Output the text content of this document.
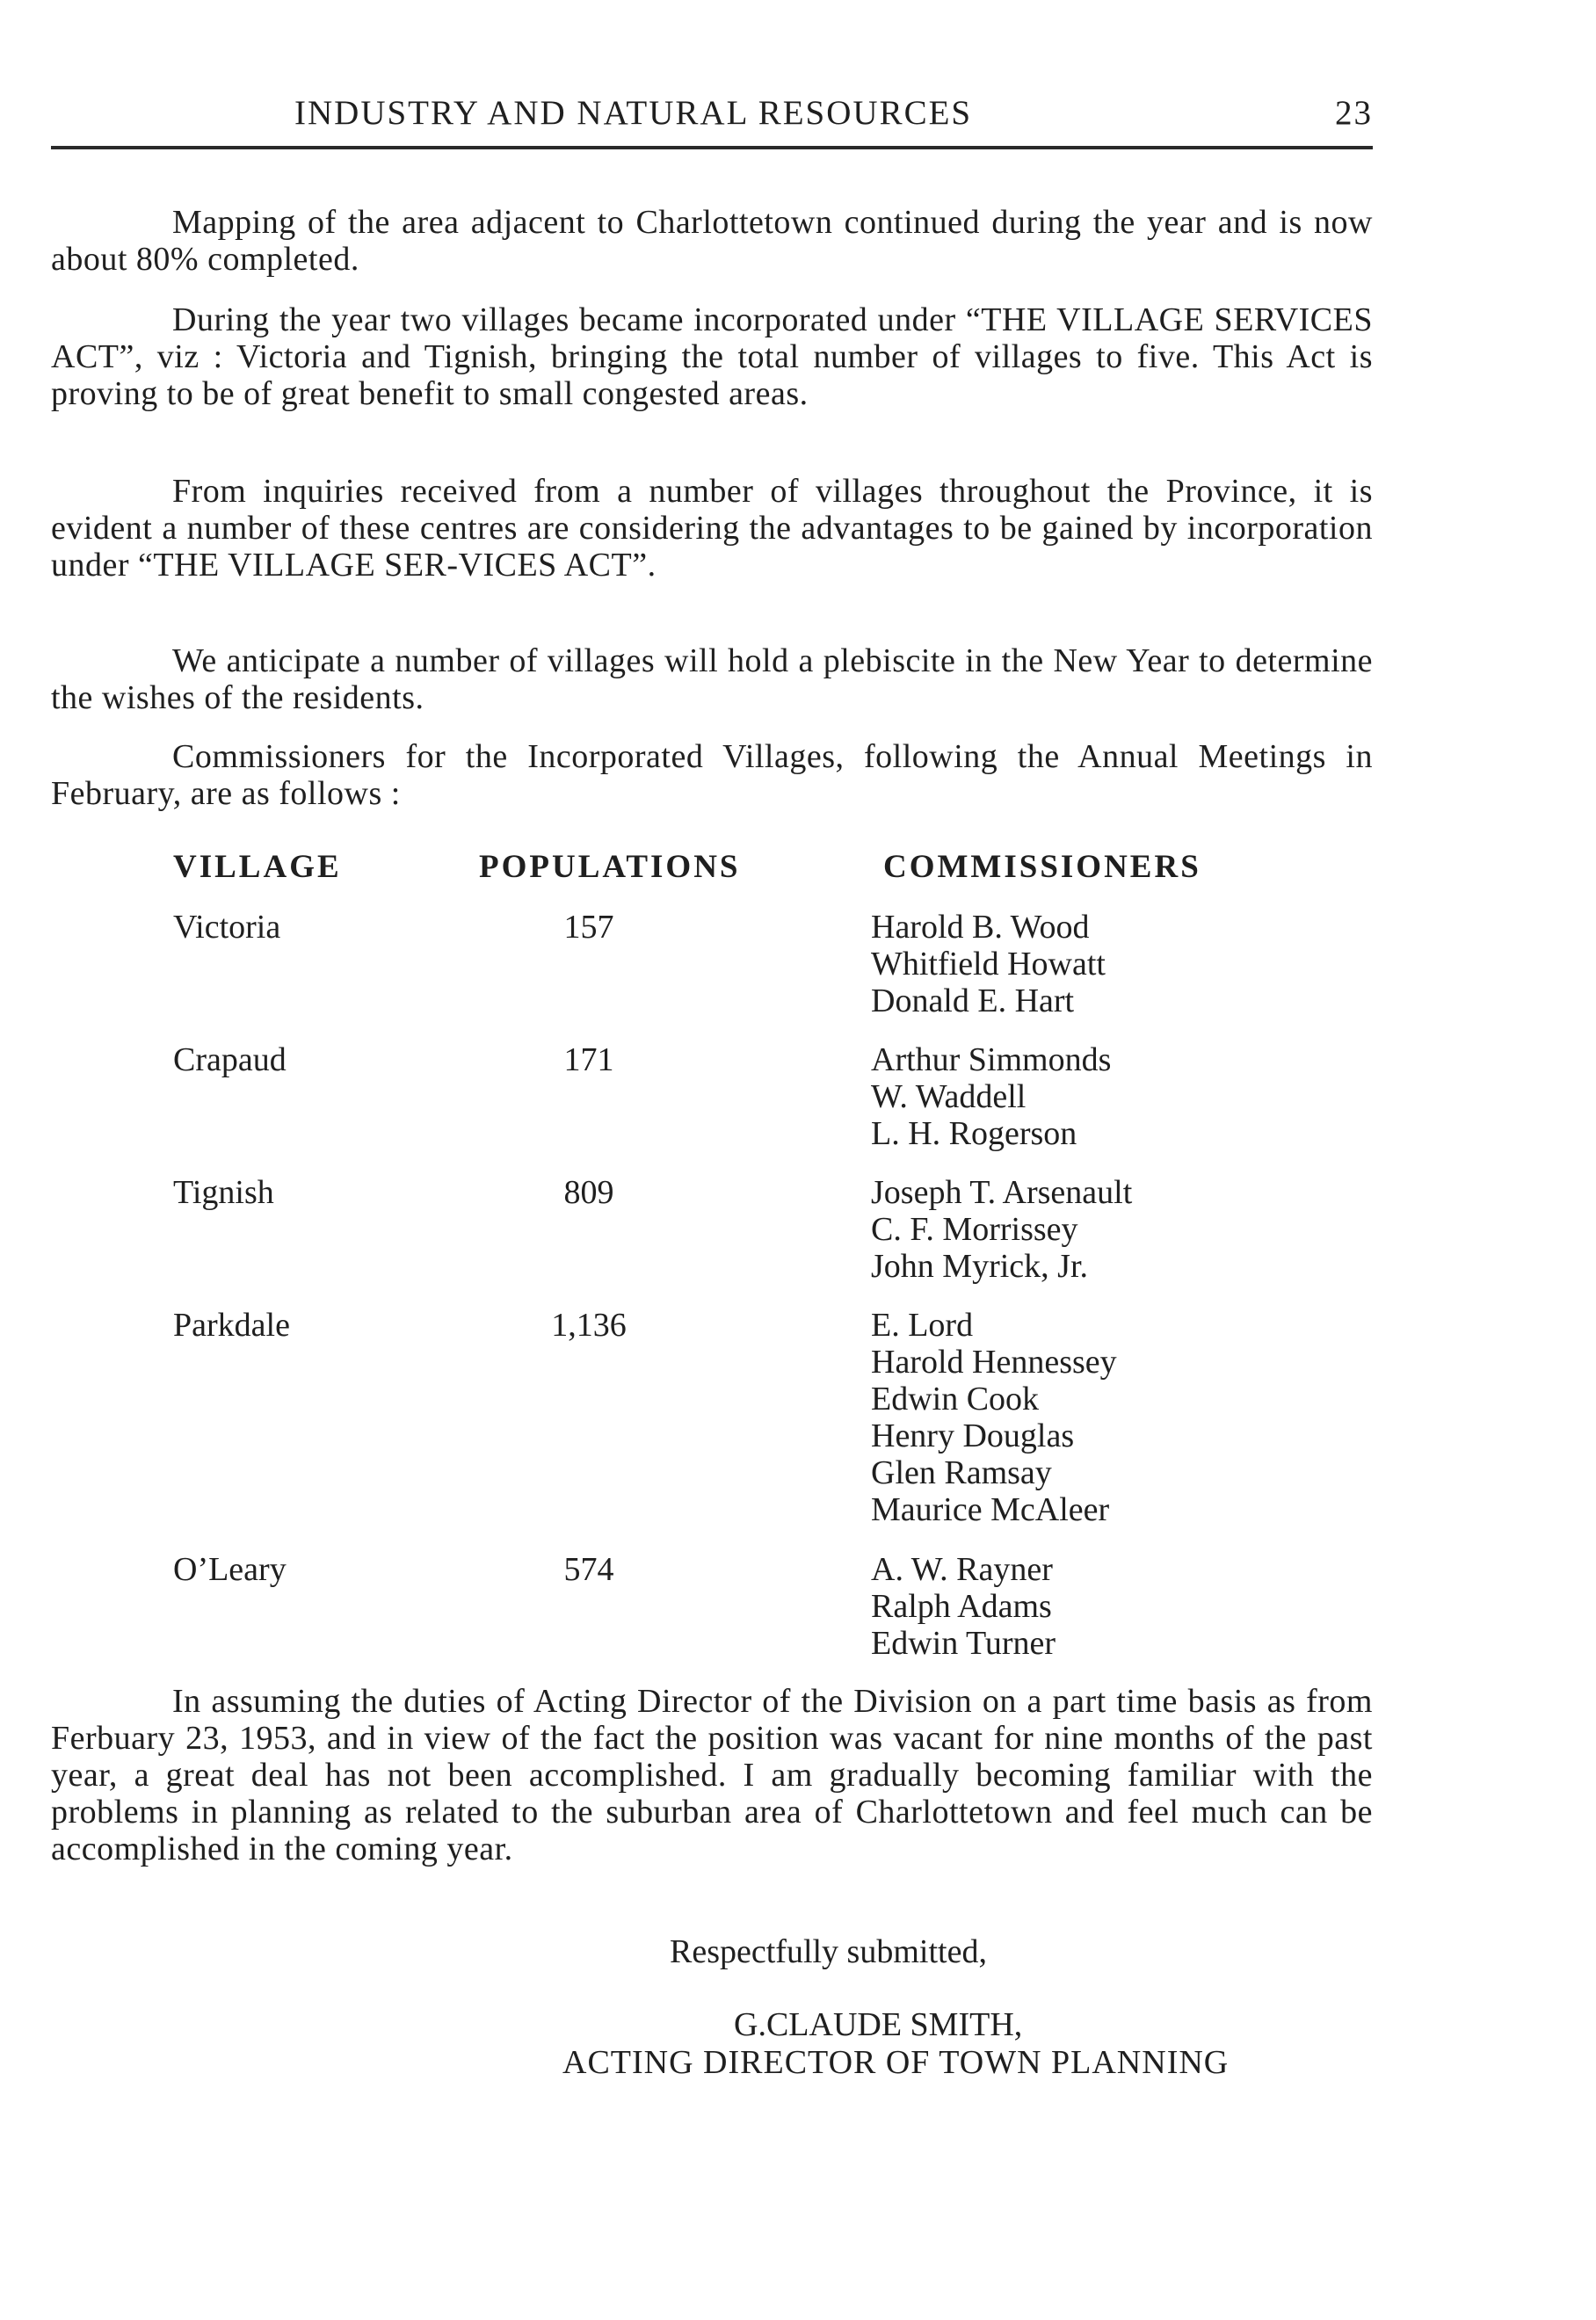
INDUSTRY AND NATURAL RESOURCES	23

Mapping of the area adjacent to Charlottetown continued during the year and is now about 80% completed.

During the year two villages became incorporated under “THE VILLAGE SERVICES ACT”, viz : Victoria and Tignish, bringing the total number of villages to five. This Act is proving to be of great benefit to small congested areas.

From inquiries received from a number of villages throughout the Province, it is evident a number of these centres are considering the advantages to be gained by incorporation under “THE VILLAGE SER-VICES ACT”.

We anticipate a number of villages will hold a plebiscite in the New Year to determine the wishes of the residents.

Commissioners for the Incorporated Villages, following the Annual Meetings in February, are as follows :

VILLAGE	POPULATIONS	COMMISSIONERS
Victoria	157	Harold B. Wood
Whitfield Howatt
Donald E. Hart
Crapaud	171	Arthur Simmonds
W. Waddell
L. H. Rogerson
Tignish	809	Joseph T. Arsenault
C. F. Morrissey
John Myrick, Jr.
Parkdale	1,136	E. Lord
Harold Hennessey
Edwin Cook
Henry Douglas
Glen Ramsay
Maurice McAleer
O’Leary	574	A. W. Rayner
Ralph Adams
Edwin Turner

In assuming the duties of Acting Director of the Division on a part time basis as from Ferbuary 23, 1953, and in view of the fact the position was vacant for nine months of the past year, a great deal has not been accomplished. I am gradually becoming familiar with the problems in planning as related to the suburban area of Charlottetown and feel much can be accomplished in the coming year.

Respectfully submitted,
G.CLAUDE SMITH,
ACTING DIRECTOR OF TOWN PLANNING
